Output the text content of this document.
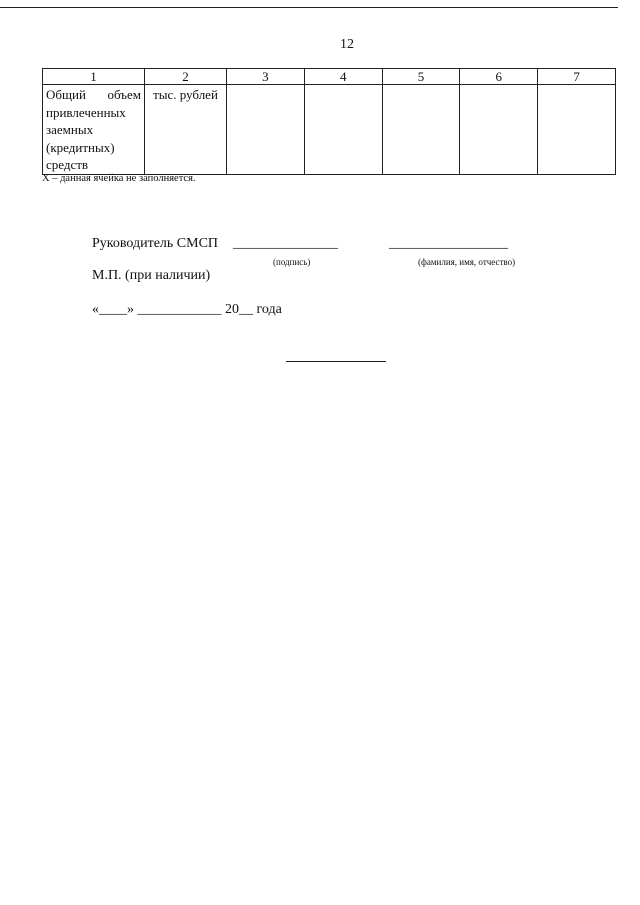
12
1	2	3	4	5	6	7
Общий объем привлеченных заемных (кредитных) средств	тыс. рублей					
X – данная ячейка не заполняется.
Руководитель СМСП _______________	_________________
(подпись)	(фамилия, имя, отчество)
М.П. (при наличии)
«____» ____________ 20__ года
